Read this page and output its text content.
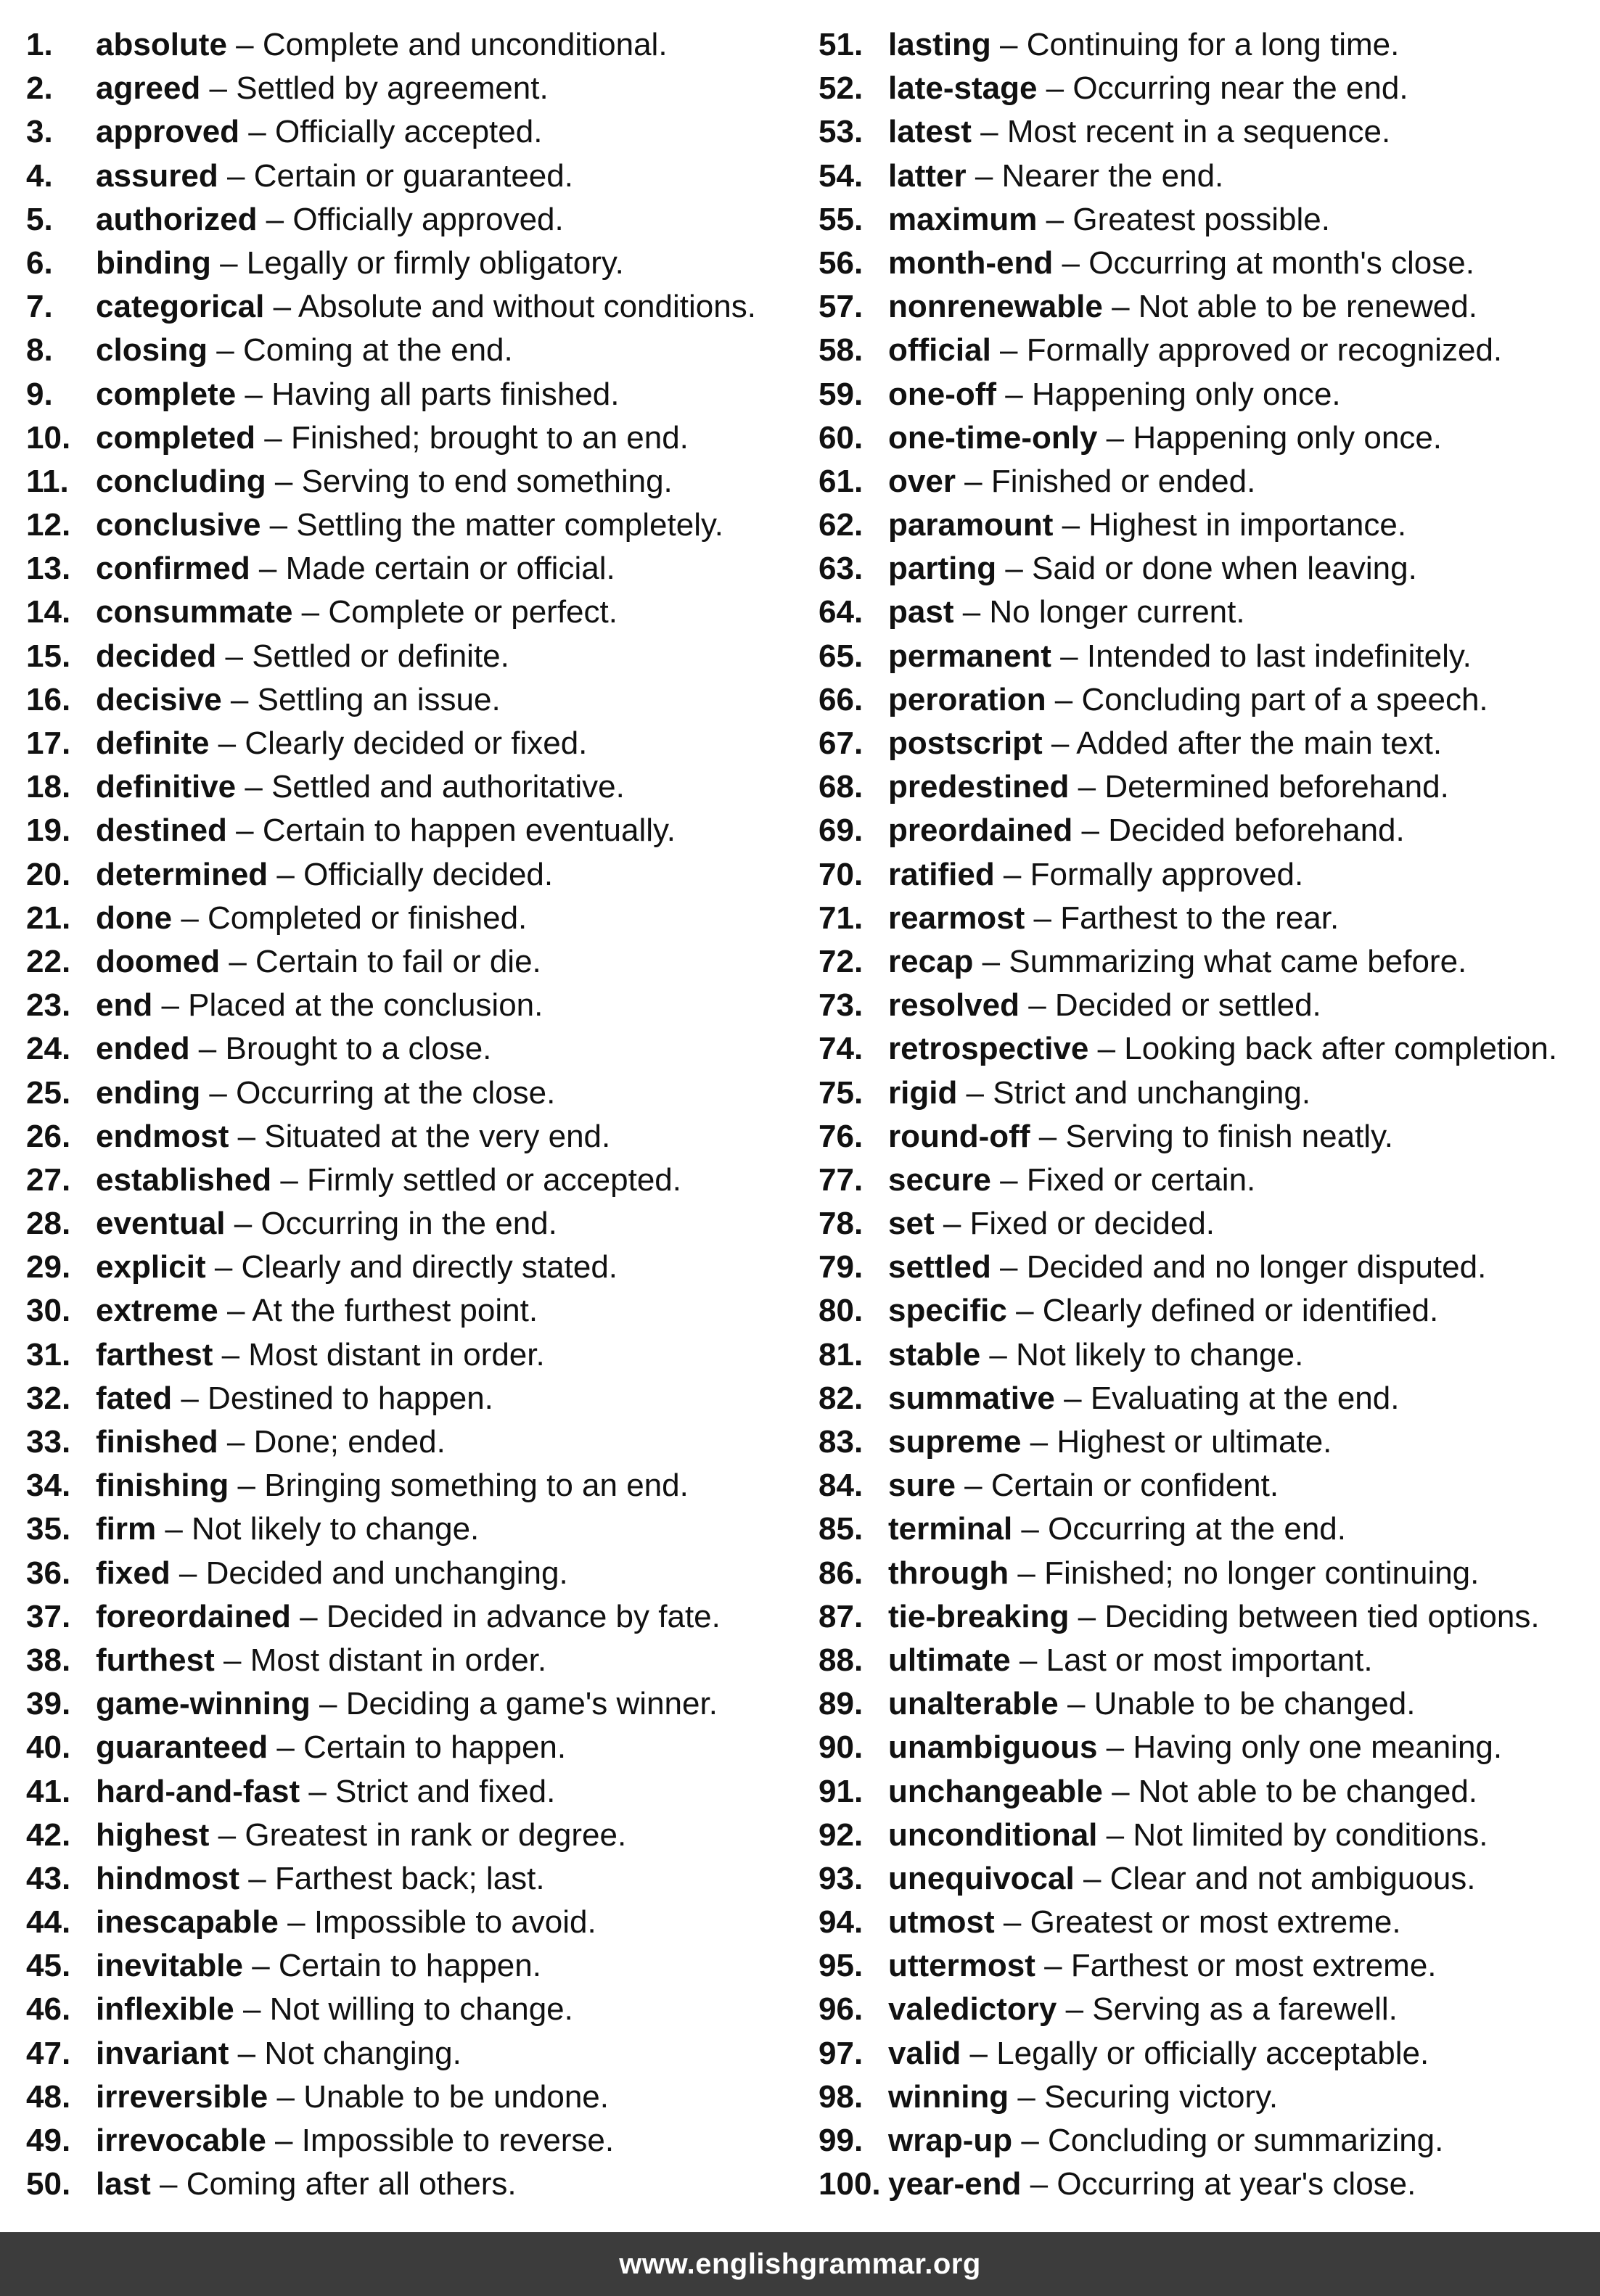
1. absolute – Complete and unconditional.
2. agreed – Settled by agreement.
3. approved – Officially accepted.
4. assured – Certain or guaranteed.
5. authorized – Officially approved.
6. binding – Legally or firmly obligatory.
7. categorical – Absolute and without conditions.
8. closing – Coming at the end.
9. complete – Having all parts finished.
10. completed – Finished; brought to an end.
11. concluding – Serving to end something.
12. conclusive – Settling the matter completely.
13. confirmed – Made certain or official.
14. consummate – Complete or perfect.
15. decided – Settled or definite.
16. decisive – Settling an issue.
17. definite – Clearly decided or fixed.
18. definitive – Settled and authoritative.
19. destined – Certain to happen eventually.
20. determined – Officially decided.
21. done – Completed or finished.
22. doomed – Certain to fail or die.
23. end – Placed at the conclusion.
24. ended – Brought to a close.
25. ending – Occurring at the close.
26. endmost – Situated at the very end.
27. established – Firmly settled or accepted.
28. eventual – Occurring in the end.
29. explicit – Clearly and directly stated.
30. extreme – At the furthest point.
31. farthest – Most distant in order.
32. fated – Destined to happen.
33. finished – Done; ended.
34. finishing – Bringing something to an end.
35. firm – Not likely to change.
36. fixed – Decided and unchanging.
37. foreordained – Decided in advance by fate.
38. furthest – Most distant in order.
39. game-winning – Deciding a game's winner.
40. guaranteed – Certain to happen.
41. hard-and-fast – Strict and fixed.
42. highest – Greatest in rank or degree.
43. hindmost – Farthest back; last.
44. inescapable – Impossible to avoid.
45. inevitable – Certain to happen.
46. inflexible – Not willing to change.
47. invariant – Not changing.
48. irreversible – Unable to be undone.
49. irrevocable – Impossible to reverse.
50. last – Coming after all others.
51. lasting – Continuing for a long time.
52. late-stage – Occurring near the end.
53. latest – Most recent in a sequence.
54. latter – Nearer the end.
55. maximum – Greatest possible.
56. month-end – Occurring at month's close.
57. nonrenewable – Not able to be renewed.
58. official – Formally approved or recognized.
59. one-off – Happening only once.
60. one-time-only – Happening only once.
61. over – Finished or ended.
62. paramount – Highest in importance.
63. parting – Said or done when leaving.
64. past – No longer current.
65. permanent – Intended to last indefinitely.
66. peroration – Concluding part of a speech.
67. postscript – Added after the main text.
68. predestined – Determined beforehand.
69. preordained – Decided beforehand.
70. ratified – Formally approved.
71. rearmost – Farthest to the rear.
72. recap – Summarizing what came before.
73. resolved – Decided or settled.
74. retrospective – Looking back after completion.
75. rigid – Strict and unchanging.
76. round-off – Serving to finish neatly.
77. secure – Fixed or certain.
78. set – Fixed or decided.
79. settled – Decided and no longer disputed.
80. specific – Clearly defined or identified.
81. stable – Not likely to change.
82. summative – Evaluating at the end.
83. supreme – Highest or ultimate.
84. sure – Certain or confident.
85. terminal – Occurring at the end.
86. through – Finished; no longer continuing.
87. tie-breaking – Deciding between tied options.
88. ultimate – Last or most important.
89. unalterable – Unable to be changed.
90. unambiguous – Having only one meaning.
91. unchangeable – Not able to be changed.
92. unconditional – Not limited by conditions.
93. unequivocal – Clear and not ambiguous.
94. utmost – Greatest or most extreme.
95. uttermost – Farthest or most extreme.
96. valedictory – Serving as a farewell.
97. valid – Legally or officially acceptable.
98. winning – Securing victory.
99. wrap-up – Concluding or summarizing.
100. year-end – Occurring at year's close.
www.englishgrammar.org
